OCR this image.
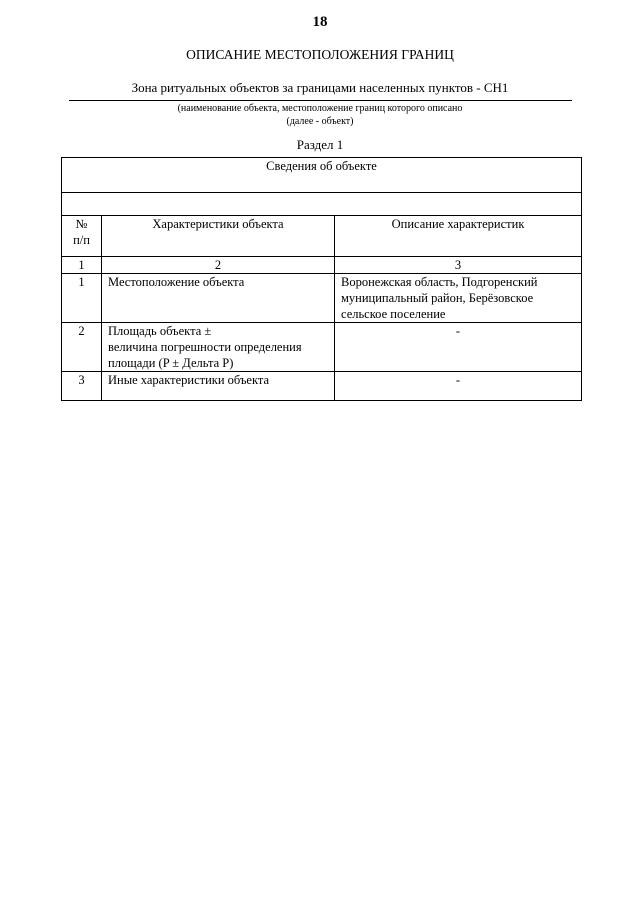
18
ОПИСАНИЕ МЕСТОПОЛОЖЕНИЯ ГРАНИЦ
Зона ритуальных объектов за границами населенных пунктов - СН1
(наименование объекта, местоположение границ которого описано
(далее - объект)
Раздел 1
Сведения об объекте		

№
п/п	Характеристики объекта	Описание характеристик
1	2	3
1	Местоположение объекта	Воронежская область, Подгоренский муниципальный район, Берёзовское сельское поселение
2	Площадь объекта ±
величина погрешности определения
площади (P ± Дельта P)	-
3	Иные характеристики объекта	-
